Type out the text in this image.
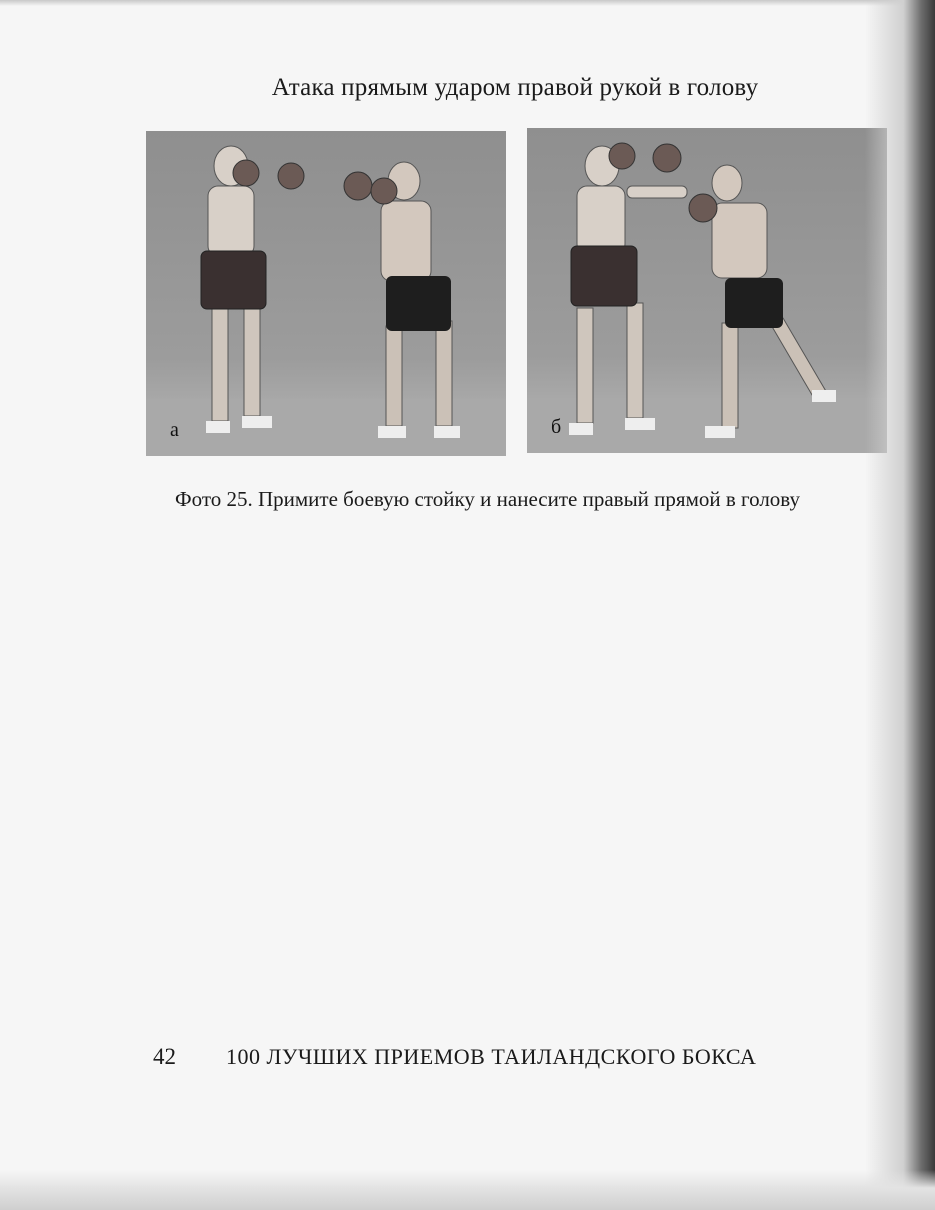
Атака прямым ударом правой рукой в голову
а	б
Фото 25. Примите боевую стойку и нанесите правый прямой в голову
42 100 ЛУЧШИХ ПРИЕМОВ ТАИЛАНДСКОГО БОКСА
